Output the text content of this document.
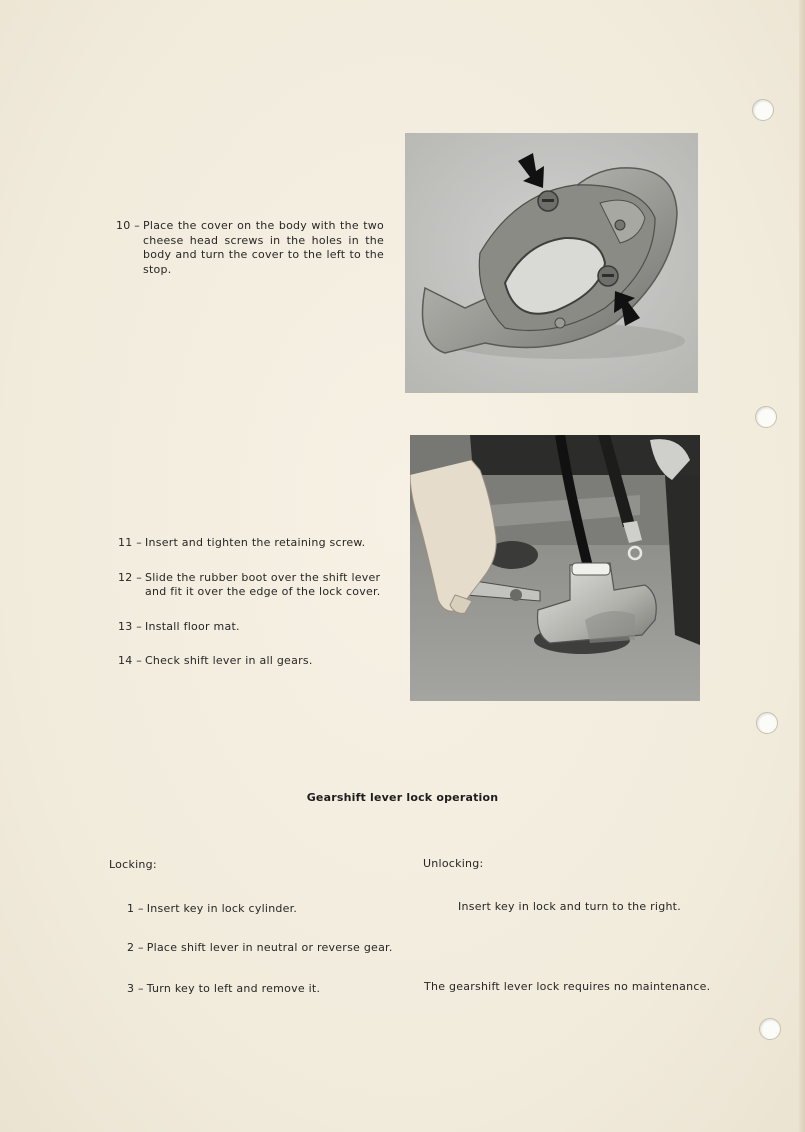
10 – Place the cover on the body with the two cheese head screws in the holes in the body and turn the cover to the left to the stop.
11 – Insert and tighten the retaining screw.
12 – Slide the rubber boot over the shift lever and fit it over the edge of the lock cover.
13 – Install floor mat.
14 – Check shift lever in all gears.
Gearshift lever lock operation
Locking:
1 – Insert key in lock cylinder.
2 – Place shift lever in neutral or reverse gear.
3 – Turn key to left and remove it.
Unlocking:
Insert key in lock and turn to the right.
The gearshift lever lock requires no maintenance.
